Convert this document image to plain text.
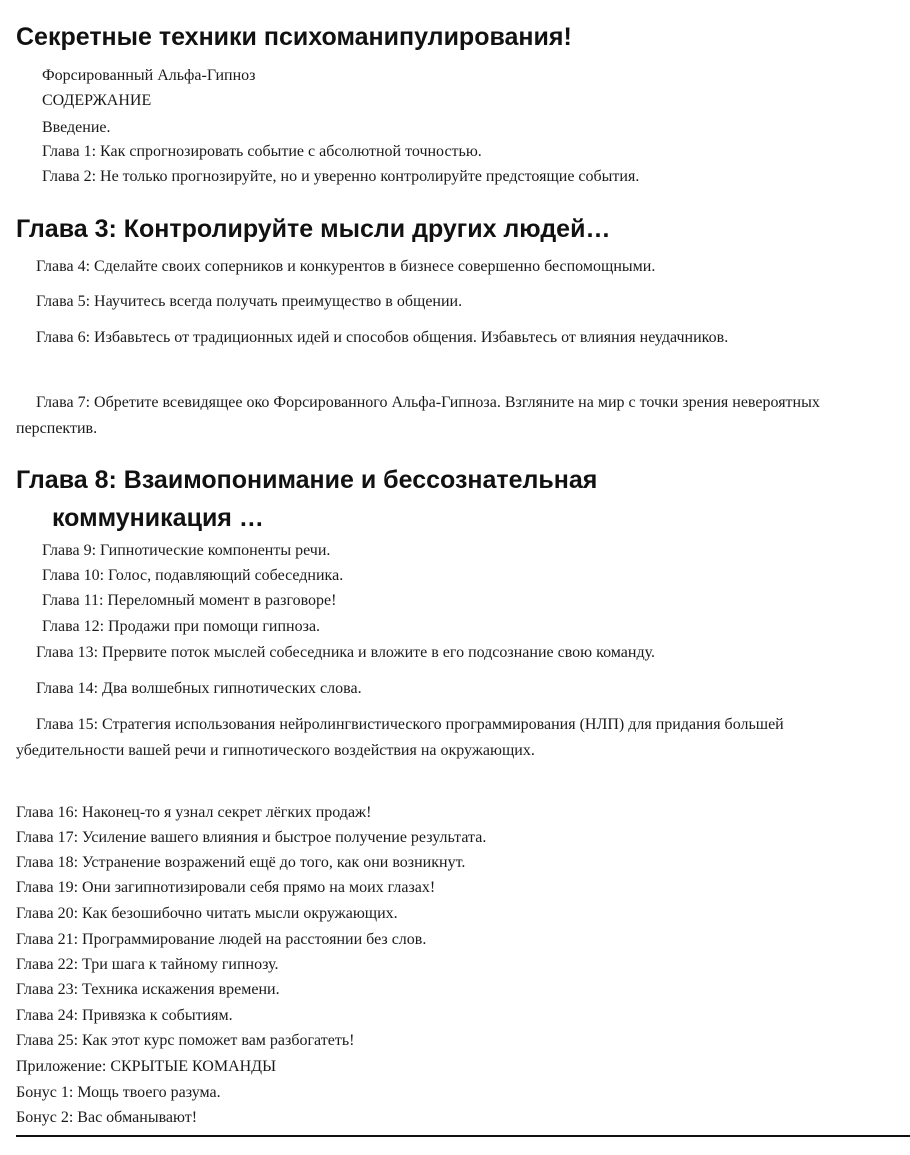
Секретные техники психоманипулирования!

Форсированный Альфа-Гипноз

СОДЕРЖАНИЕ

Введение.

Глава 1: Как спрогнозировать событие с абсолютной точностью.

Глава 2: Не только прогнозируйте, но и уверенно контролируйте предстоящие события.

Глава 3: Контролируйте мысли других людей…

Глава 4: Сделайте своих соперников и конкурентов в бизнесе совершенно беспомощными.

Глава 5: Научитесь всегда получать преимущество в общении.

Глава 6: Избавьтесь от традиционных идей и способов общения. Избавьтесь от влияния неудачников.

Глава 7: Обретите всевидящее око Форсированного Альфа-Гипноза. Взгляните на мир с точки зрения невероятных перспектив.

Глава 8: Взаимопонимание и бессознательная
коммуникация …

Глава 9: Гипнотические компоненты речи.

Глава 10: Голос, подавляющий собеседника.

Глава 11: Переломный момент в разговоре!

Глава 12: Продажи при помощи гипноза.

Глава 13: Прервите поток мыслей собеседника и вложите в его подсознание свою команду.

Глава 14: Два волшебных гипнотических слова.

Глава 15: Стратегия использования нейролингвистического программирования (НЛП) для придания большей убедительности вашей речи и гипнотического воздействия на окружающих.

Глава 16: Наконец-то я узнал секрет лёгких продаж!

Глава 17: Усиление вашего влияния и быстрое получение результата.

Глава 18: Устранение возражений ещё до того, как они возникнут.

Глава 19: Они загипнотизировали себя прямо на моих глазах!

Глава 20: Как безошибочно читать мысли окружающих.

Глава 21: Программирование людей на расстоянии без слов.

Глава 22: Три шага к тайному гипнозу.

Глава 23: Техника искажения времени.

Глава 24: Привязка к событиям.

Глава 25: Как этот курс поможет вам разбогатеть!

Приложение: СКРЫТЫЕ КОМАНДЫ

Бонус 1: Мощь твоего разума.

Бонус 2: Вас обманывают!
